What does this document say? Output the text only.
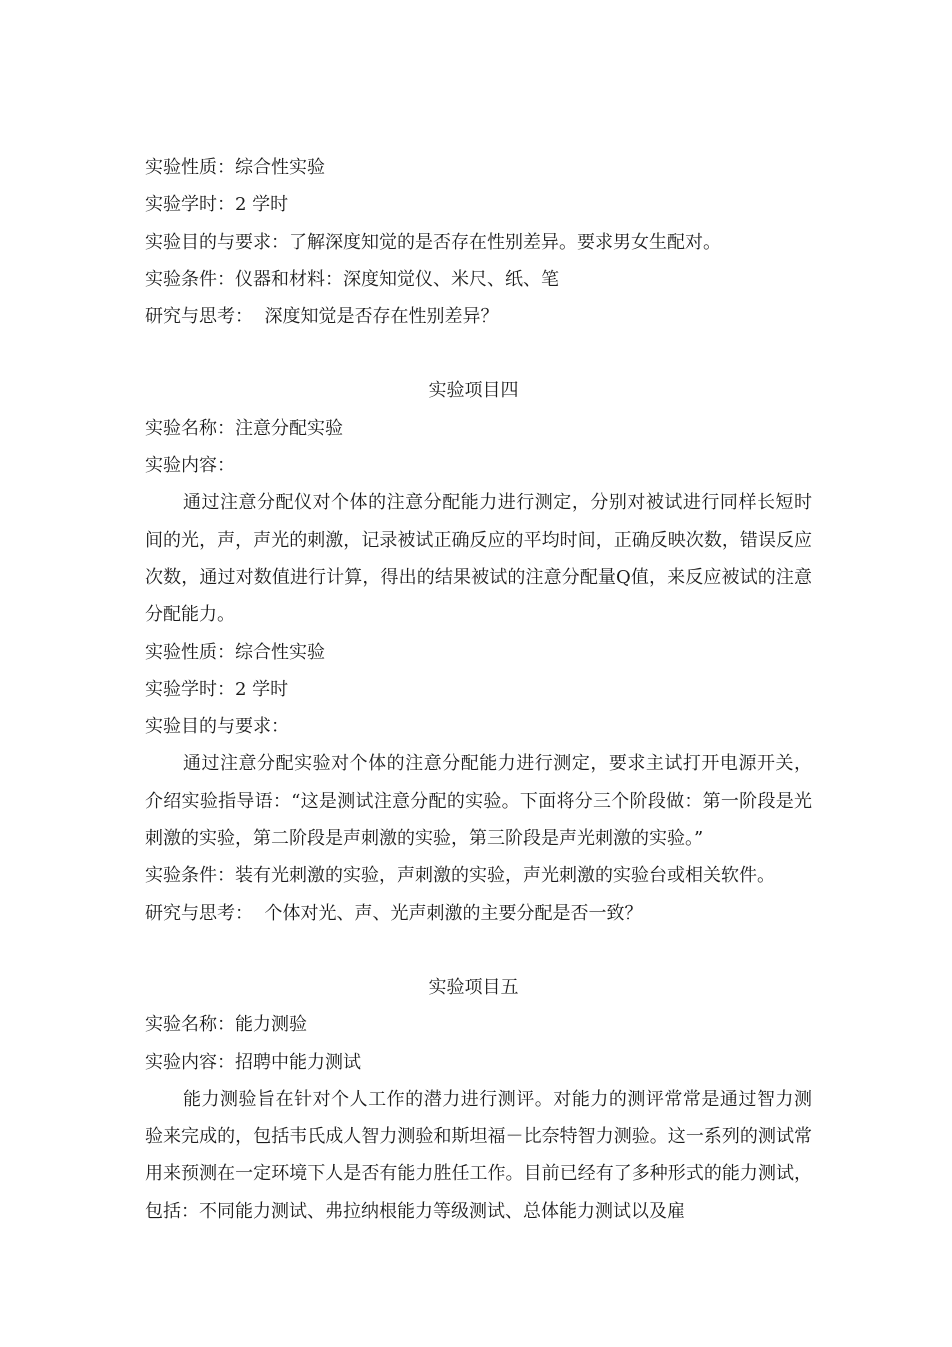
实验性质：综合性实验
实验学时：2 学时
实验目的与要求：了解深度知觉的是否存在性别差异。要求男女生配对。
实验条件：仪器和材料：深度知觉仪、米尺、纸、笔
研究与思考：  深度知觉是否存在性别差异？
实验项目四
实验名称：注意分配实验
实验内容：

通过注意分配仪对个体的注意分配能力进行测定，分别对被试进行同样长短时间的光，声，声光的刺激，记录被试正确反应的平均时间，正确反映次数，错误反应次数，通过对数值进行计算，得出的结果被试的注意分配量Q值，来反应被试的注意分配能力。

实验性质：综合性实验
实验学时：2 学时
实验目的与要求：

通过注意分配实验对个体的注意分配能力进行测定，要求主试打开电源开关，介绍实验指导语：“这是测试注意分配的实验。下面将分三个阶段做：第一阶段是光刺激的实验，第二阶段是声刺激的实验，第三阶段是声光刺激的实验。”

实验条件：装有光刺激的实验，声刺激的实验，声光刺激的实验台或相关软件。
研究与思考：  个体对光、声、光声刺激的主要分配是否一致？
实验项目五
实验名称：能力测验
实验内容：招聘中能力测试

能力测验旨在针对个人工作的潜力进行测评。对能力的测评常常是通过智力测验来完成的，包括韦氏成人智力测验和斯坦福－比奈特智力测验。这一系列的测试常用来预测在一定环境下人是否有能力胜任工作。目前已经有了多种形式的能力测试，包括：不同能力测试、弗拉纳根能力等级测试、总体能力测试以及雇
